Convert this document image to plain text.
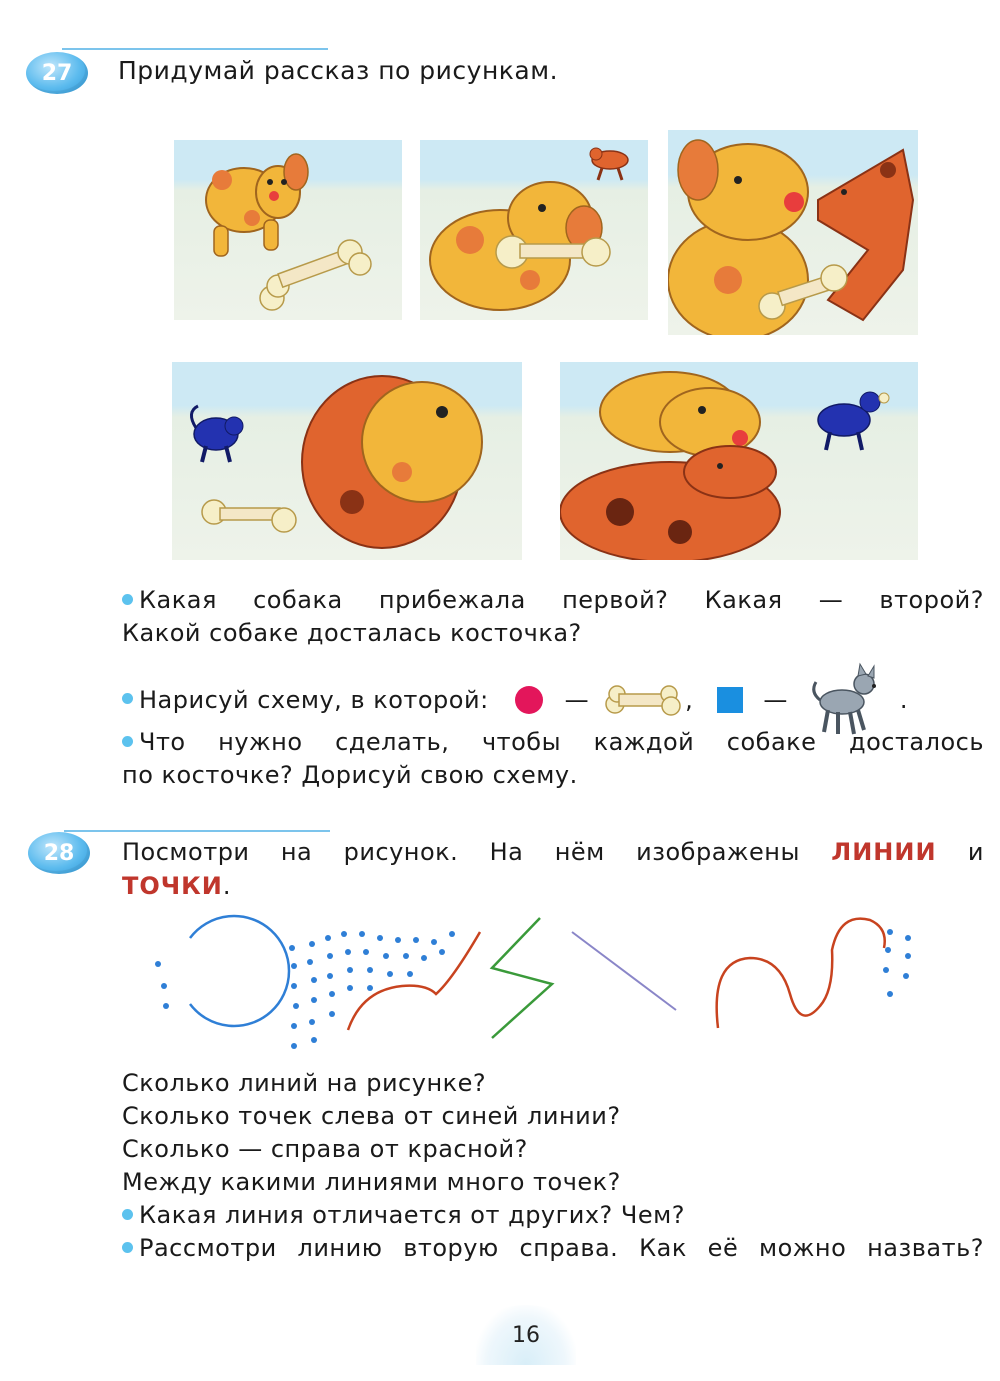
27	Придумай рассказ по рисункам.
Какая собака прибежала первой? Какая — второй?
Какой собаке досталась косточка?
Нарисуй схему, в которой:	—	,	—	.
Что нужно сделать, чтобы каждой собаке досталось
по косточке? Дорисуй свою схему.
28	Посмотри на рисунок. На нём изображены ЛИНИИ и
ТОЧКИ.
Сколько линий на рисунке?
Сколько точек слева от синей линии?
Сколько — справа от красной?
Между какими линиями много точек?
Какая линия отличается от других? Чем?
Рассмотри линию вторую справа. Как её можно назвать?
16
